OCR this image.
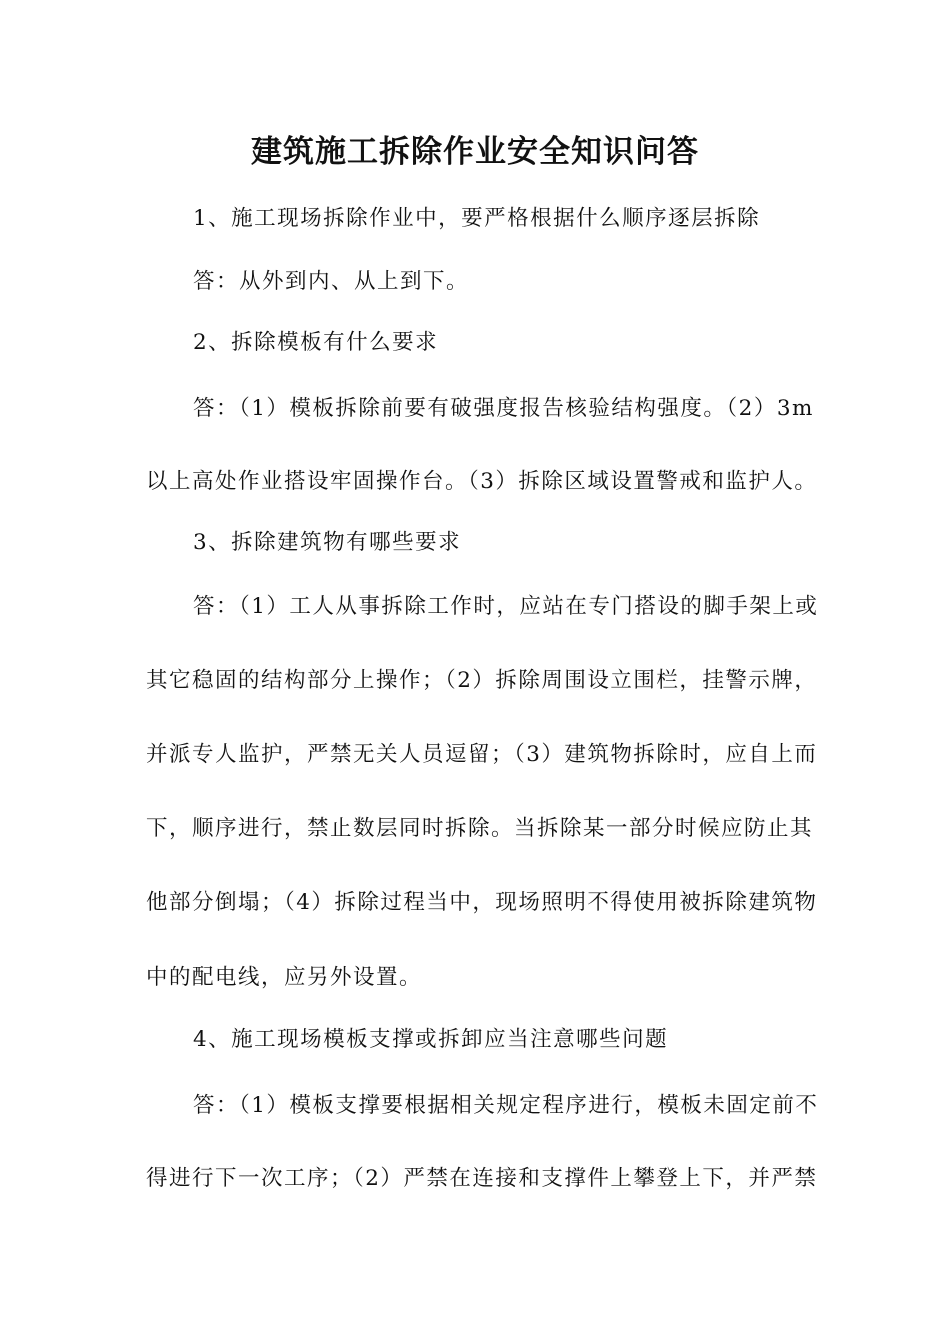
建筑施工拆除作业安全知识问答

1、施工现场拆除作业中，要严格根据什么顺序逐层拆除

答：从外到内、从上到下。

2、拆除模板有什么要求

答：（1）模板拆除前要有破强度报告核验结构强度。（2）3m

以上高处作业搭设牢固操作台。（3）拆除区域设置警戒和监护人。

3、拆除建筑物有哪些要求

答：（1）工人从事拆除工作时，应站在专门搭设的脚手架上或

其它稳固的结构部分上操作；（2）拆除周围设立围栏，挂警示牌，

并派专人监护，严禁无关人员逗留；（3）建筑物拆除时，应自上而

下，顺序进行，禁止数层同时拆除。当拆除某一部分时候应防止其

他部分倒塌；（4）拆除过程当中，现场照明不得使用被拆除建筑物

中的配电线，应另外设置。

4、施工现场模板支撑或拆卸应当注意哪些问题

答：（1）模板支撑要根据相关规定程序进行，模板未固定前不

得进行下一次工序；（2）严禁在连接和支撑件上攀登上下，并严禁
